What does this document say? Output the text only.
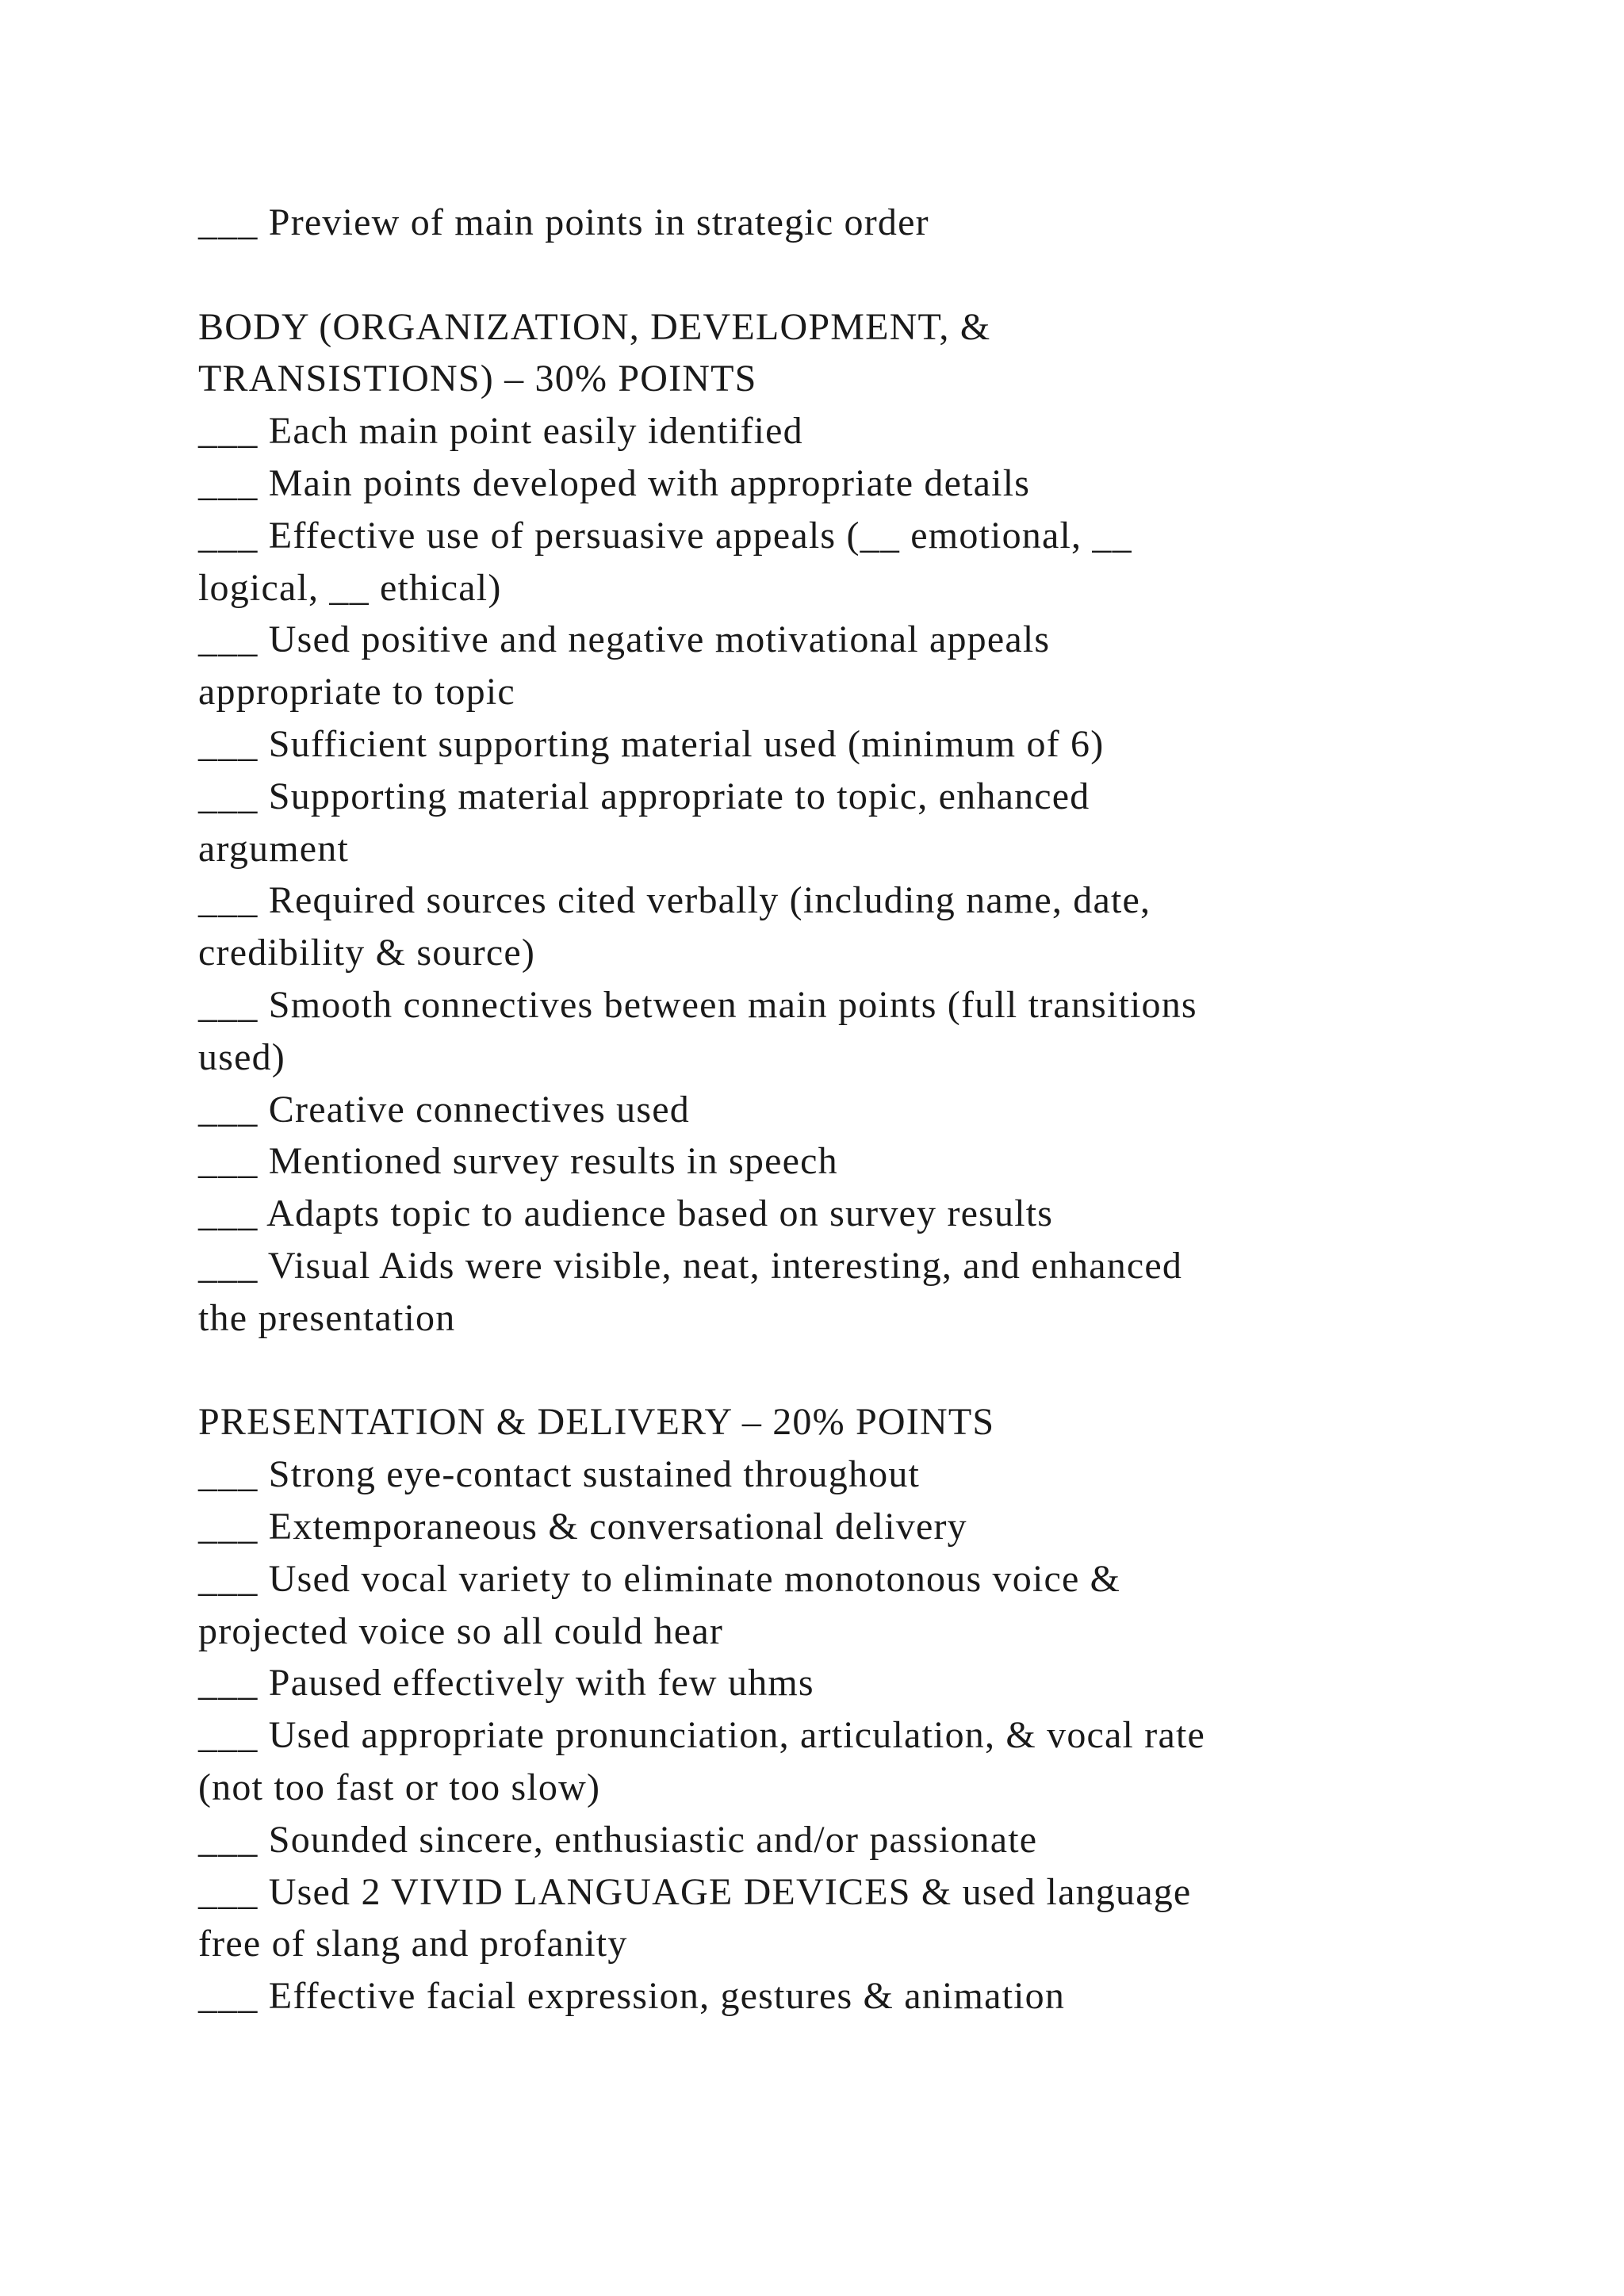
___ Preview of main points in strategic order
BODY (ORGANIZATION, DEVELOPMENT, &
TRANSISTIONS) – 30% POINTS
___ Each main point easily identified
___ Main points developed with appropriate details
___ Effective use of persuasive appeals (__ emotional, __
logical, __ ethical)
___ Used positive and negative motivational appeals
appropriate to topic
___ Sufficient supporting material used (minimum of 6)
___ Supporting material appropriate to topic, enhanced
argument
___ Required sources cited verbally (including name, date,
credibility & source)
___ Smooth connectives between main points (full transitions
used)
___ Creative connectives used
___ Mentioned survey results in speech
___ Adapts topic to audience based on survey results
___ Visual Aids were visible, neat, interesting, and enhanced
the presentation
PRESENTATION & DELIVERY – 20% POINTS
___ Strong eye-contact sustained throughout
___ Extemporaneous & conversational delivery
___ Used vocal variety to eliminate monotonous voice &
projected voice so all could hear
___ Paused effectively with few uhms
___ Used appropriate pronunciation, articulation, & vocal rate
(not too fast or too slow)
___ Sounded sincere, enthusiastic and/or passionate
___ Used 2 VIVID LANGUAGE DEVICES & used language
free of slang and profanity
___ Effective facial expression, gestures & animation
